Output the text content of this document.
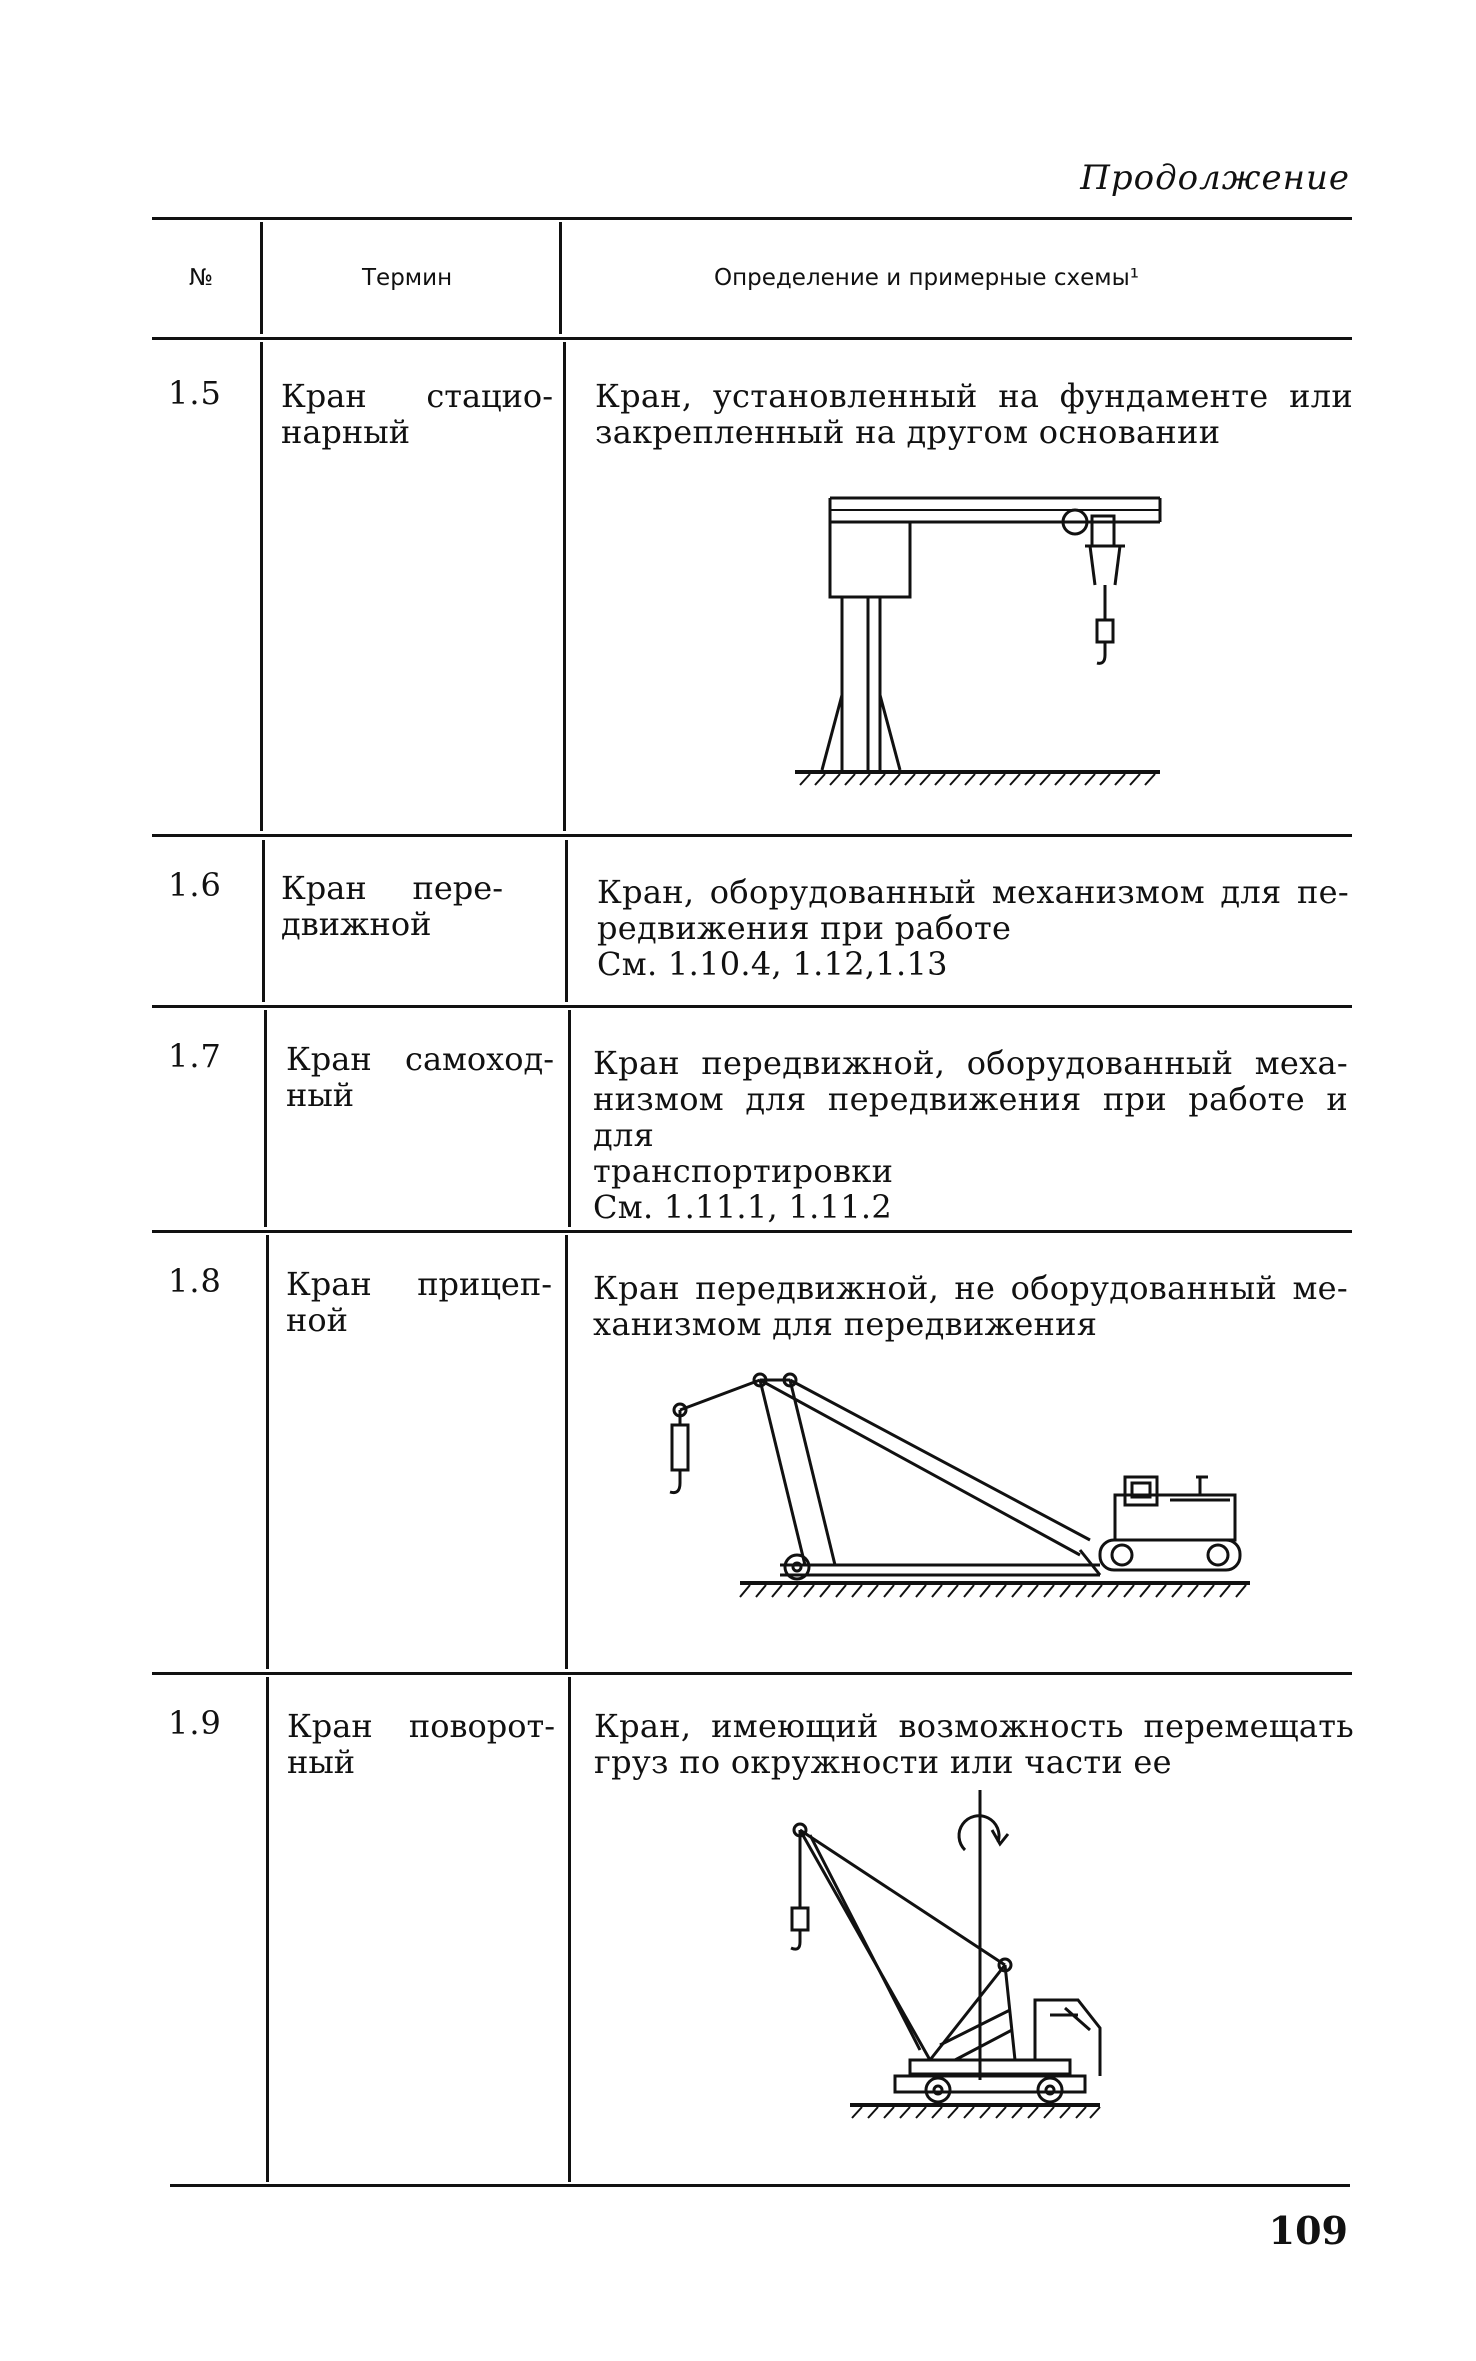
Продолжение
№	Термин	Определение и примерные схемы¹
1.5 Кран стацио-
нарный
Кран, установленный на фундаменте или
закрепленный на другом основании
1.6 Кран пере-
движной
Кран, оборудованный механизмом для пе-
редвижения при работе
См. 1.10.4, 1.12,1.13
1.7 Кран самоход-
ный
Кран передвижной, оборудованный меха-
низмом для передвижения при работе и для
транспортировки
См. 1.11.1, 1.11.2
1.8 Кран прицеп-
ной
Кран передвижной, не оборудованный ме-
ханизмом для передвижения
1.9 Кран поворот-
ный
Кран, имеющий возможность перемещать
груз по окружности или части ее
109
